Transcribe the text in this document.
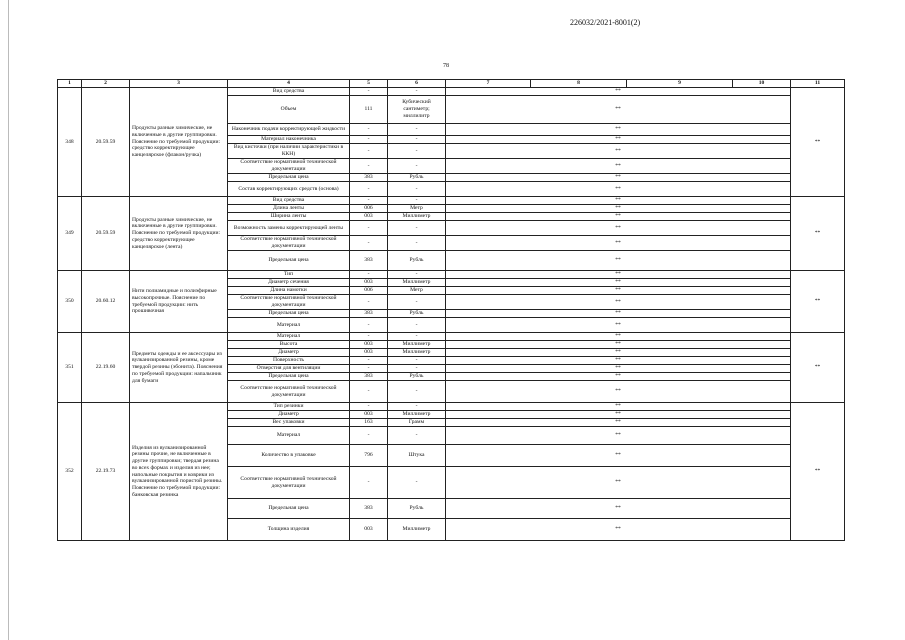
226032/2021-8001(2)
78
1	2	3	4	5	6	7	8	9	10	11
348	20.59.59	Продукты разные химические, не включенные в другие группировки. Пояснение по требуемой продукции: средство корректирующее канцелярское (флакон/ручка)	Вид средства	-	-	**				**
			Объем	111	Кубический сантиметр; миллилитр	**				
			Наконечник подачи корректирующей жидкости	-	-	**				
			Материал наконечника	-	-	**				
			Вид кисточки (при наличии характеристики в ККН)	-	-	**				
			Соответствие нормативной технической документации	-	-	**				
			Предельная цена	383	Рубль	**				
			Состав корректирующих средств (основа)	-	-	**				
349	20.59.59	Продукты разные химические, не включенные в другие группировки. Пояснение по требуемой продукции: средство корректирующее канцелярское (лента)	Вид средства	-	-	**				**
			Длина ленты	006	Метр	**				
			Ширина ленты	003	Миллиметр	**				
			Возможность замены корректирующей ленты	-	-	**				
			Соответствие нормативной технической документации	-	-	**				
			Предельная цена	383	Рубль	**				
350	20.60.12	Нити полиамидные и полиэфирные высокопрочные. Пояснение по требуемой продукции: нить прошивочная	Тип	-	-	**				**
			Диаметр сечения	003	Миллиметр	**				
			Длина намотки	006	Метр	**				
			Соответствие нормативной технической документации	-	-	**				
			Предельная цена	383	Рубль	**				
			Материал	-	-	**				
351	22.19.60	Предметы одежды и ее аксессуары из вулканизированной резины, кроме твердой резины (эбонита). Пояснения по требуемой продукции: напальчник для бумаги	Материал	-	-	**				**
			Высота	003	Миллиметр	**				
			Диаметр	003	Миллиметр	**				
			Поверхность	-	-	**				
			Отверстия для вентиляции	-	-	**				
			Предельная цена	383	Рубль	**				
			Соответствие нормативной технической документации	-	-	**				
352	22.19.73	Изделия из вулканизированной резины прочие, не включенные в другие группировки; твердая резина во всех формах и изделия из нее; напольные покрытия и коврики из вулканизированной пористой резины. Пояснение по требуемой продукции: банковская резинка	Тип резинки	-	-	**				**
			Диаметр	003	Миллиметр	**				
			Вес упаковки	163	Грамм	**				
			Материал	-	-	**				
			Количество в упаковке	796	Штука	**				
			Соответствие нормативной технической документации	-	-	**				
			Предельная цена	383	Рубль	**				
			Толщина изделия	003	Миллиметр	**				
